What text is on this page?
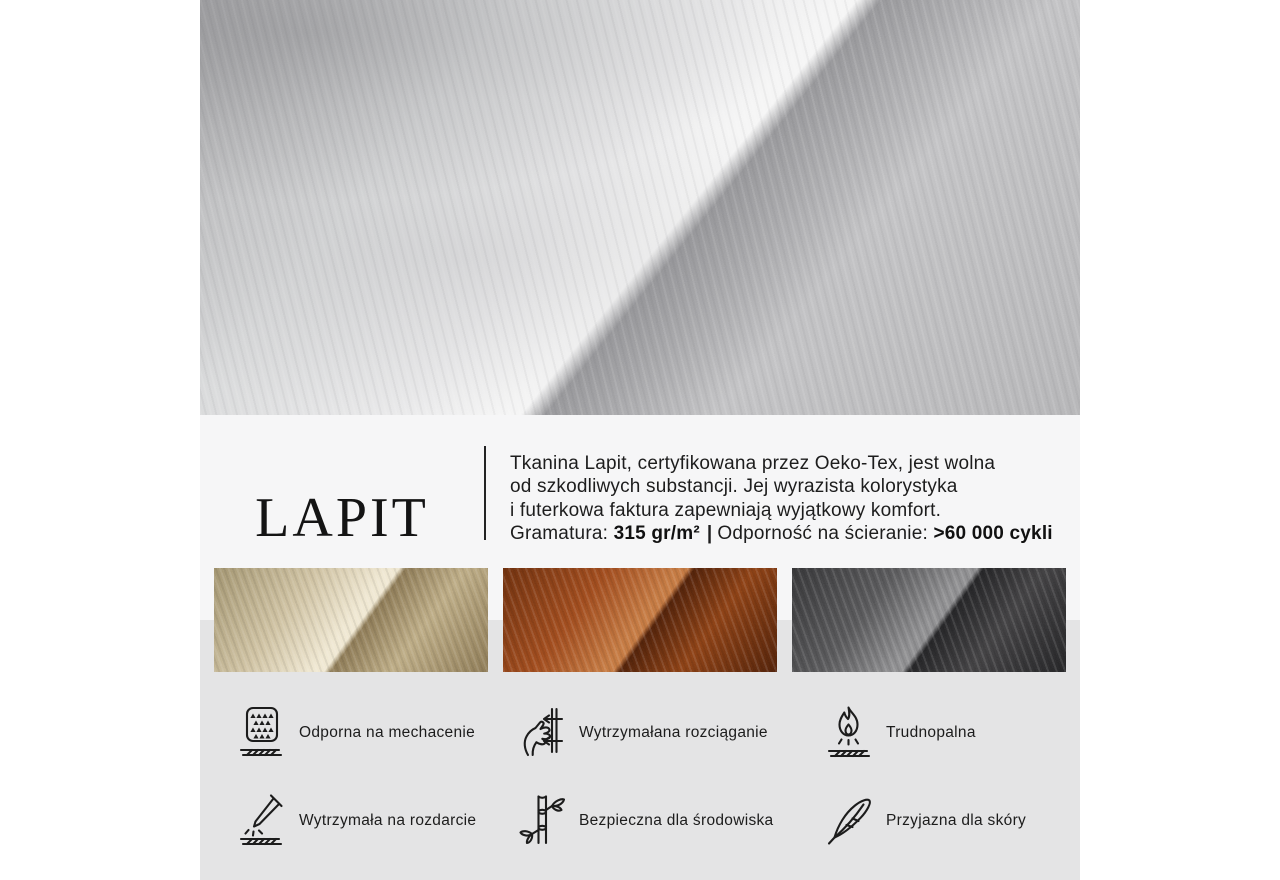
LAPIT
Tkanina Lapit, certyfikowana przez Oeko-Tex, jest wolna
od szkodliwych substancji. Jej wyrazista kolorystyka
i futerkowa faktura zapewniają wyjątkowy komfort.
Gramatura: 315 gr/m² | Odporność na ścieranie: >60 000 cykli
Odporna na mechacenie	Wytrzymałana rozciąganie	Trudnopalna
Wytrzymała na rozdarcie	Bezpieczna dla środowiska	Przyjazna dla skóry
